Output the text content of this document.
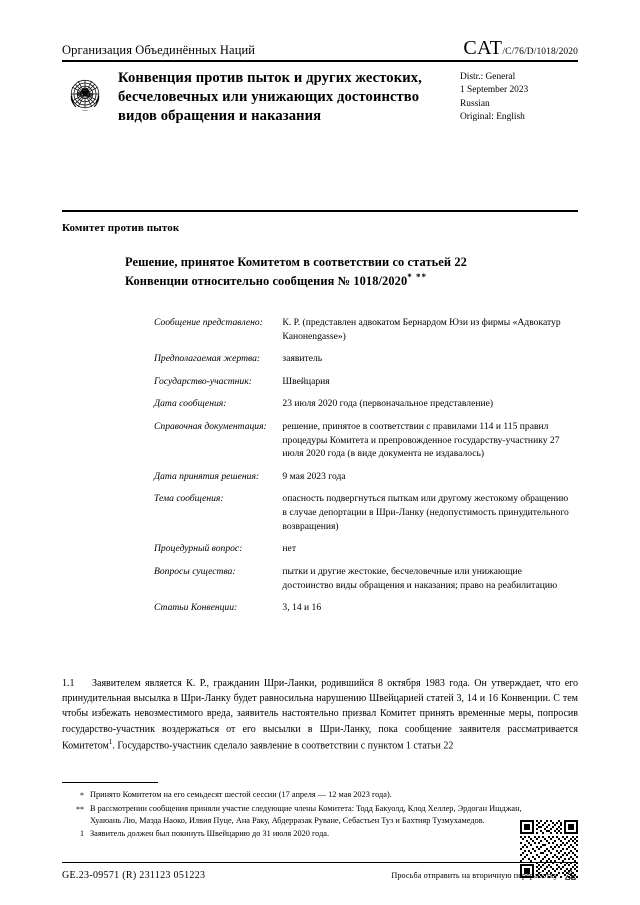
Организация Объединённых Наций	CAT/C/76/D/1018/2020
Конвенция против пыток и других жестоких, бесчеловечных или унижающих достоинство видов обращения и наказания
Distr.: General
1 September 2023
Russian
Original: English
Комитет против пыток
Решение, принятое Комитетом в соответствии со статьей 22 Конвенции относительно сообщения № 1018/2020* **
Сообщение представлено:	К. Р. (представлен адвокатом Бернардом Юзи из фирмы «Адвокатур Канонengassе»)
Предполагаемая жертва:	заявитель
Государство-участник:	Швейцария
Дата сообщения:	23 июля 2020 года (первоначальное представление)
Справочная документация:	решение, принятое в соответствии с правилами 114 и 115 правил процедуры Комитета и препровожденное государству-участнику 27 июля 2020 года (в виде документа не издавалось)
Дата принятия решения:	9 мая 2023 года
Тема сообщения:	опасность подвергнуться пыткам или другому жестокому обращению в случае депортации в Шри-Ланку (недопустимость принудительного возвращения)
Процедурный вопрос:	нет
Вопросы существа:	пытки и другие жестокие, бесчеловечные или унижающие достоинство виды обращения и наказания; право на реабилитацию
Статьи Конвенции:	3, 14 и 16
1.1 Заявителем является К. Р., гражданин Шри-Ланки, родившийся 8 октября 1983 года. Он утверждает, что его принудительная высылка в Шри-Ланку будет равносильна нарушению Швейцарией статей 3, 14 и 16 Конвенции. С тем чтобы избежать невозместимого вреда, заявитель настоятельно призвал Комитет принять временные меры, попросив государство-участник воздержаться от его высылки в Шри-Ланку, пока сообщение заявителя рассматривается Комитетом$^1$. Государство-участник сделало заявление в соответствии с пунктом 1 статьи 22
* Принято Комитетом на его семьдесят шестой сессии (17 апреля — 12 мая 2023 года).
** В рассмотрении сообщения приняли участие следующие члены Комитета: Тодд Бакуолд, Клод Хеллер, Эрдоган Ишджан, Хуаюань Лю, Маэда Наоко, Илвия Пуце, Ана Раку, Абдерразак Руване, Себастьен Туз и Бахтияр Тузмухамедов.
1 Заявитель должен был покинуть Швейцарию до 31 июля 2020 года.
GE.23-09571 (R) 231123 051223	Просьба отправить на вторичную переработку
